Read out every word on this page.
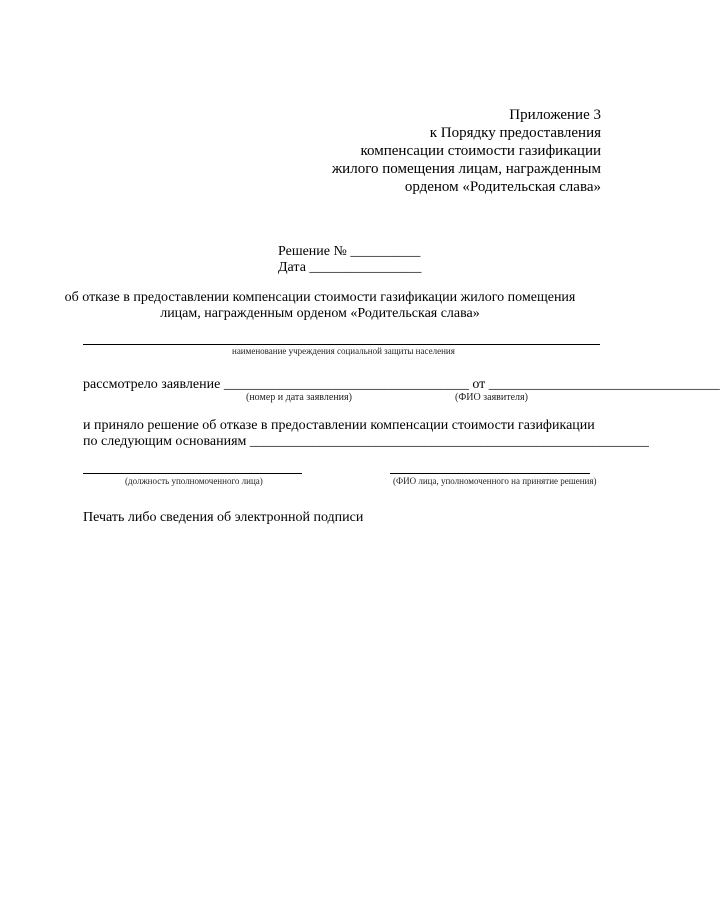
Приложение 3
к Порядку предоставления
компенсации стоимости газификации
жилого помещения лицам, награжденным
орденом «Родительская слава»
Решение № __________
Дата ________________
об отказе в предоставлении компенсации стоимости газификации жилого помещения
лицам, награжденным орденом «Родительская слава»
наименование учреждения социальной защиты населения
рассмотрело заявление ___________________________________ от _________________________________
(номер и дата заявления)	(ФИО заявителя)
и приняло решение об отказе в предоставлении компенсации стоимости газификации
по следующим основаниям _________________________________________________________
(должность уполномоченного лица)	(ФИО лица, уполномоченного на принятие решения)
Печать либо сведения об электронной подписи
